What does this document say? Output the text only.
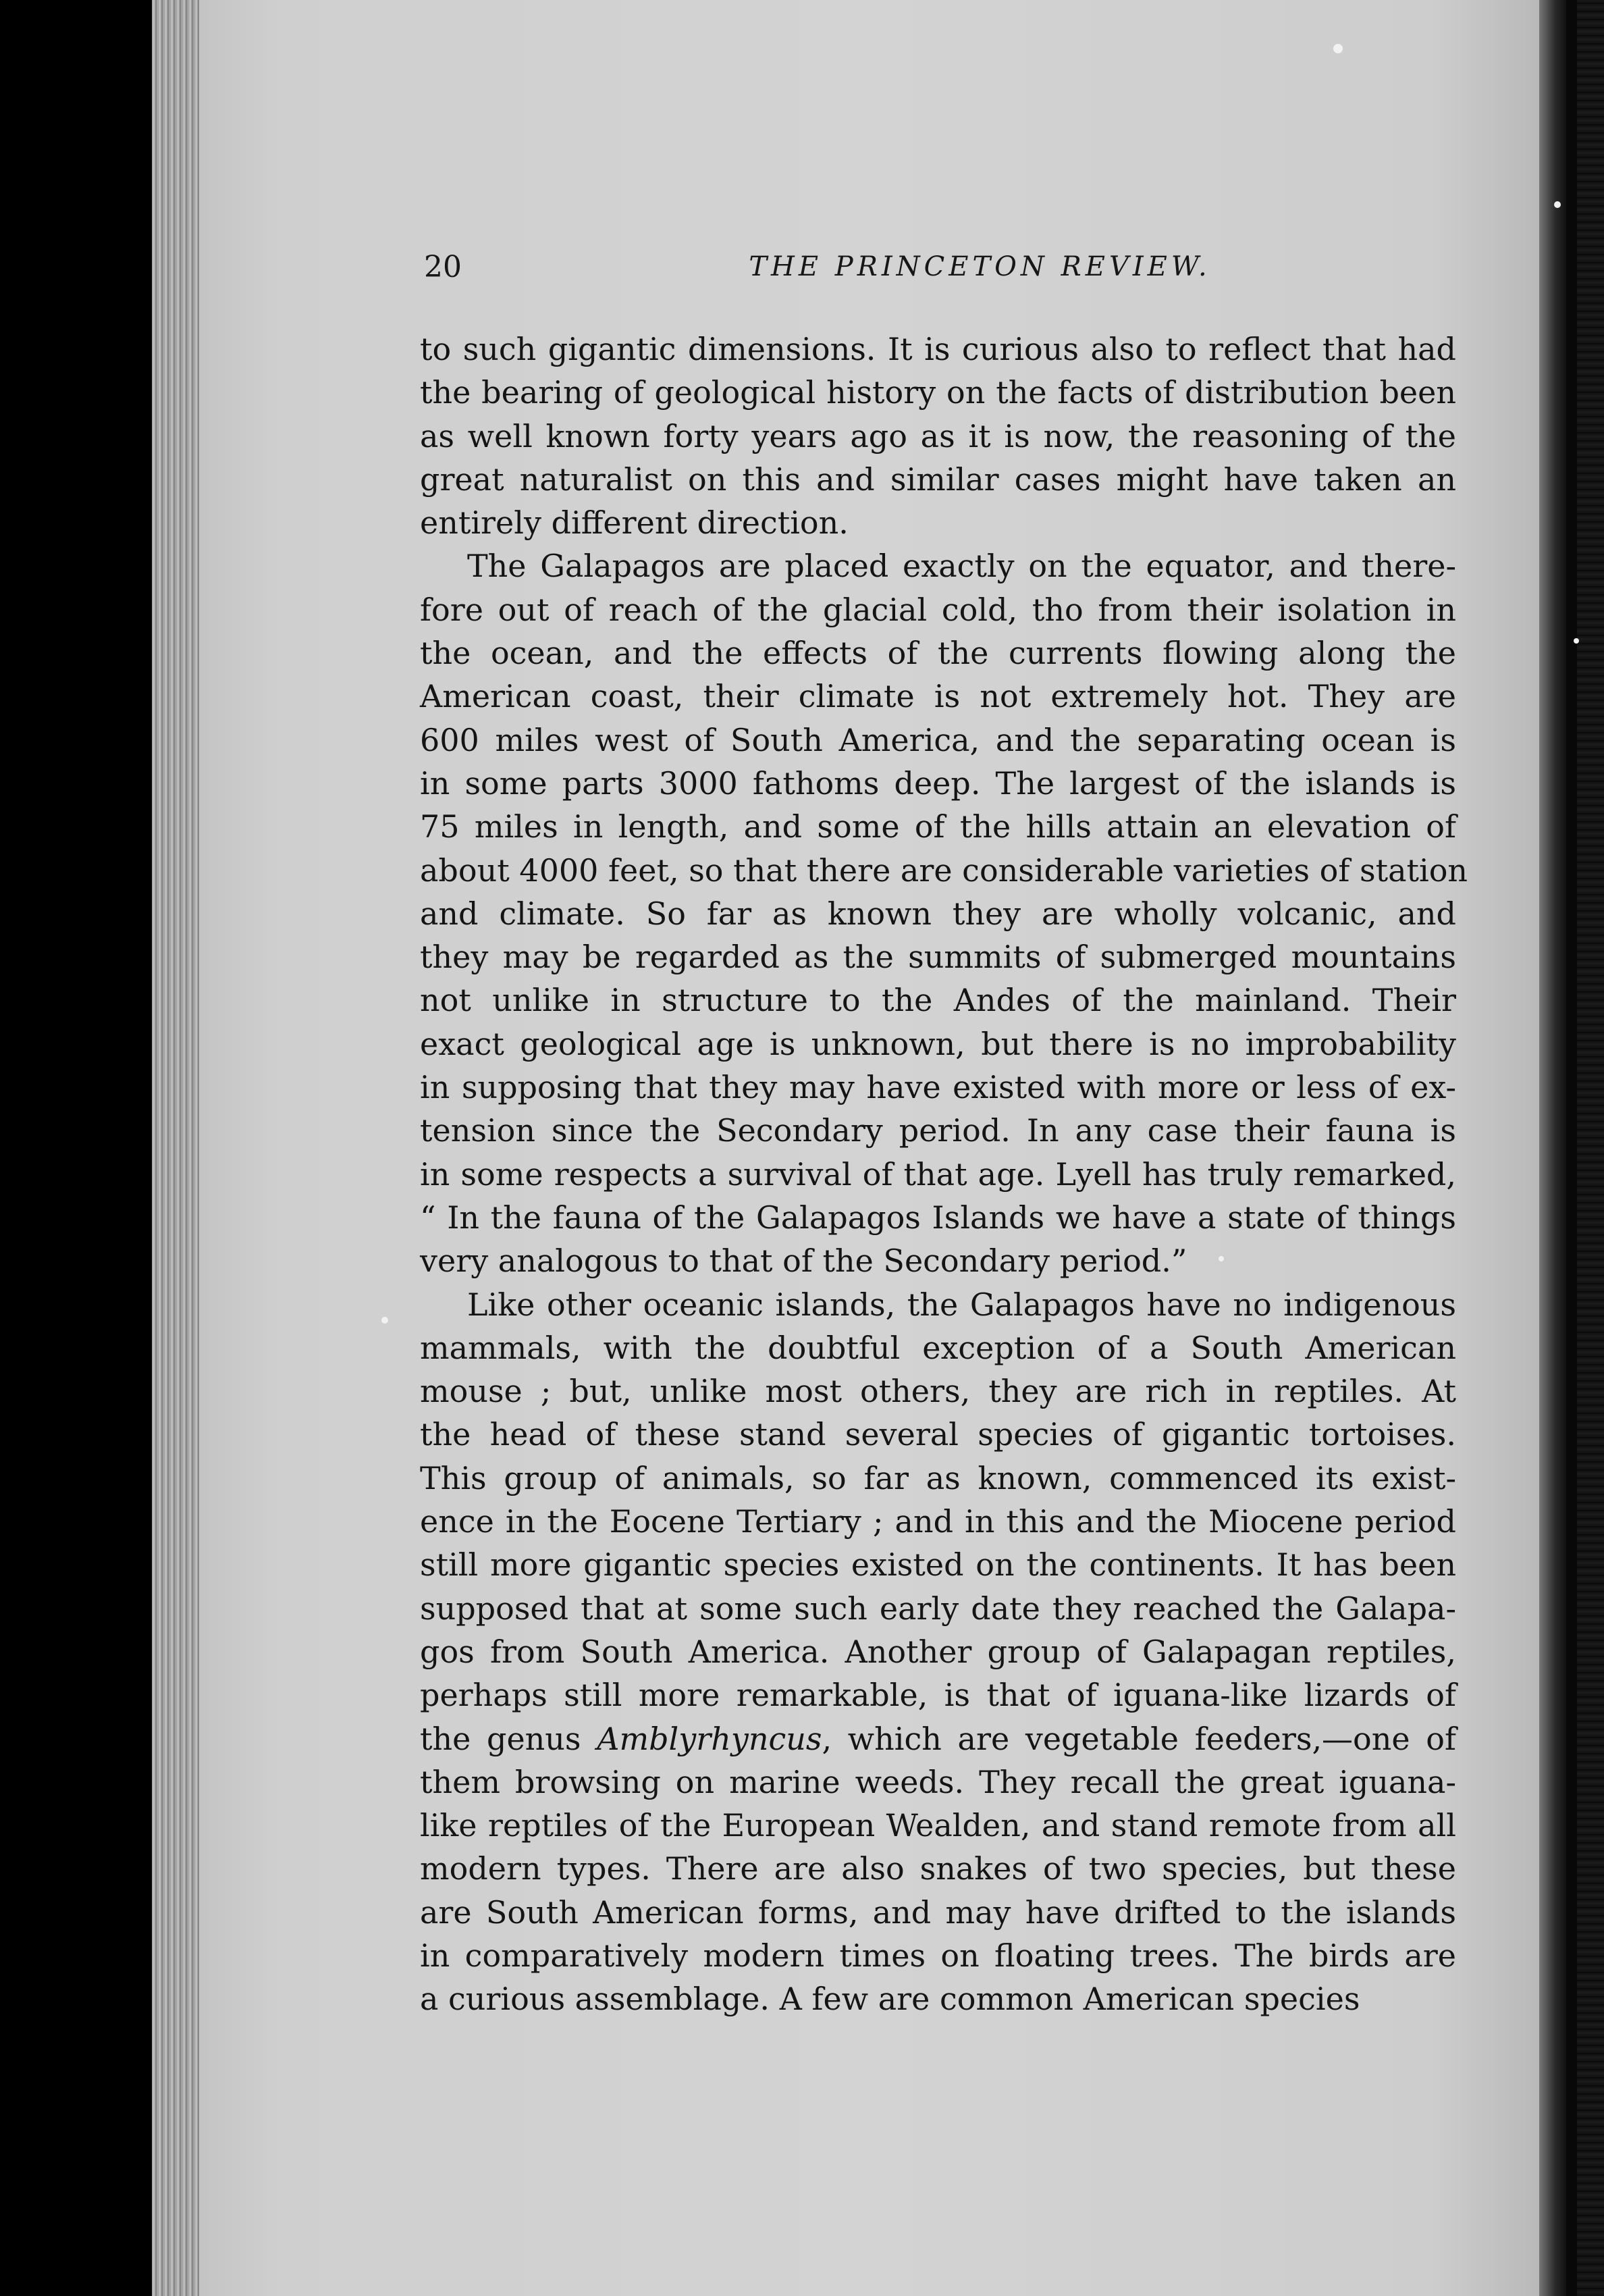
20	THE PRINCETON REVIEW.
to such gigantic dimensions. It is curious also to reflect that had
the bearing of geological history on the facts of distribution been
as well known forty years ago as it is now, the reasoning of the
great naturalist on this and similar cases might have taken an
entirely different direction.
The Galapagos are placed exactly on the equator, and there-
fore out of reach of the glacial cold, tho from their isolation in
the ocean, and the effects of the currents flowing along the
American coast, their climate is not extremely hot. They are
600 miles west of South America, and the separating ocean is
in some parts 3000 fathoms deep. The largest of the islands is
75 miles in length, and some of the hills attain an elevation of
about 4000 feet, so that there are considerable varieties of station
and climate. So far as known they are wholly volcanic, and
they may be regarded as the summits of submerged mountains
not unlike in structure to the Andes of the mainland. Their
exact geological age is unknown, but there is no improbability
in supposing that they may have existed with more or less of ex-
tension since the Secondary period. In any case their fauna is
in some respects a survival of that age. Lyell has truly remarked,
“ In the fauna of the Galapagos Islands we have a state of things
very analogous to that of the Secondary period.”
Like other oceanic islands, the Galapagos have no indigenous
mammals, with the doubtful exception of a South American
mouse ; but, unlike most others, they are rich in reptiles. At
the head of these stand several species of gigantic tortoises.
This group of animals, so far as known, commenced its exist-
ence in the Eocene Tertiary ; and in this and the Miocene period
still more gigantic species existed on the continents. It has been
supposed that at some such early date they reached the Galapa-
gos from South America. Another group of Galapagan reptiles,
perhaps still more remarkable, is that of iguana-like lizards of
the genus Amblyrhyncus, which are vegetable feeders,—one of
them browsing on marine weeds. They recall the great iguana-
like reptiles of the European Wealden, and stand remote from all
modern types. There are also snakes of two species, but these
are South American forms, and may have drifted to the islands
in comparatively modern times on floating trees. The birds are
a curious assemblage. A few are common American species
